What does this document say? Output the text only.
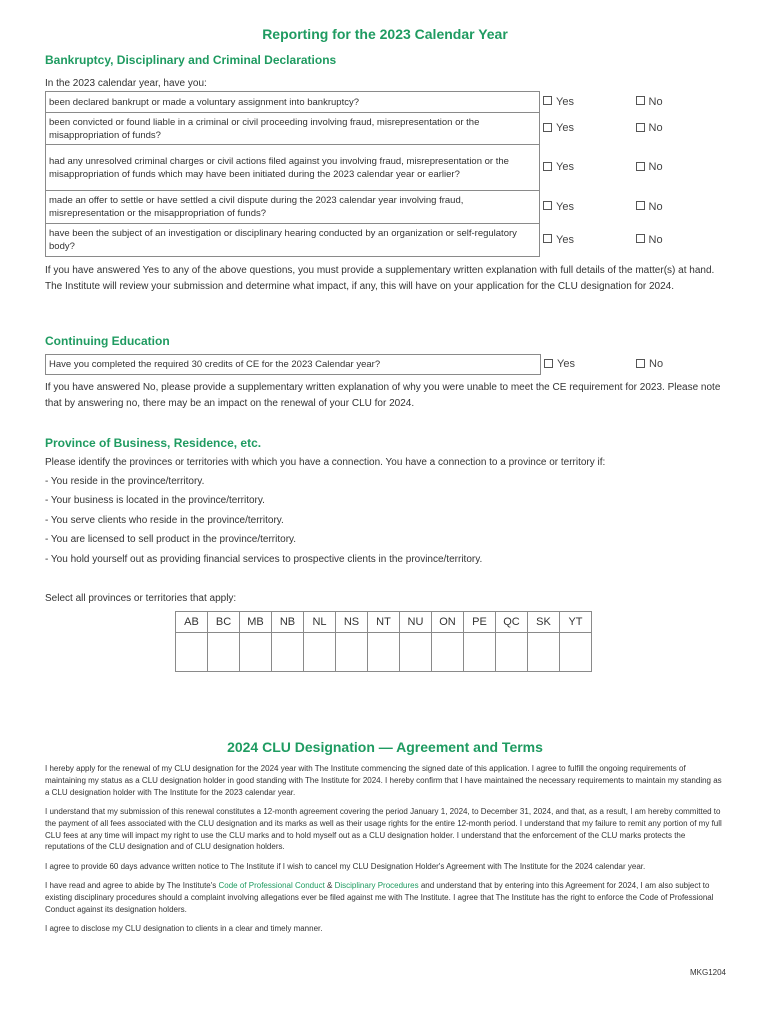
Reporting for the 2023 Calendar Year
Bankruptcy, Disciplinary and Criminal Declarations
In the 2023 calendar year, have you:
been declared bankrupt or made a voluntary assignment into bankruptcy?	Yes	No
been convicted or found liable in a criminal or civil proceeding involving fraud, misrepresentation or the misappropriation of funds?	Yes	No
had any unresolved criminal charges or civil actions filed against you involving fraud, misrepresentation or the misappropriation of funds which may have been initiated during the 2023 calendar year or earlier?	Yes	No
made an offer to settle or have settled a civil dispute during the 2023 calendar year involving fraud, misrepresentation or the misappropriation of funds?	Yes	No
have been the subject of an investigation or disciplinary hearing conducted by an organization or self-regulatory body?	Yes	No
If you have answered Yes to any of the above questions, you must provide a supplementary written explanation with full details of the matter(s) at hand. The Institute will review your submission and determine what impact, if any, this will have on your application for the CLU designation for 2024.
Continuing Education
Have you completed the required 30 credits of CE for the 2023 Calendar year?	Yes	No
If you have answered No, please provide a supplementary written explanation of why you were unable to meet the CE requirement for 2023. Please note that by answering no, there may be an impact on the renewal of your CLU for 2024.
Province of Business, Residence, etc.
Please identify the provinces or territories with which you have a connection. You have a connection to a province or territory if:
- You reside in the province/territory.
- Your business is located in the province/territory.
- You serve clients who reside in the province/territory.
- You are licensed to sell product in the province/territory.
- You hold yourself out as providing financial services to prospective clients in the province/territory.
Select all provinces or territories that apply:
AB	BC	MB	NB	NL	NS	NT	NU	ON	PE	QC	SK	YT

2024 CLU Designation — Agreement and Terms
I hereby apply for the renewal of my CLU designation for the 2024 year with The Institute commencing the signed date of this application. I agree to fulfill the ongoing requirements of maintaining my status as a CLU designation holder in good standing with The Institute for 2024. I hereby confirm that I have maintained the necessary requirements to maintain my standing as a CLU designation holder with The Institute for the 2023 calendar year.
I understand that my submission of this renewal constitutes a 12-month agreement covering the period January 1, 2024, to December 31, 2024, and that, as a result, I am hereby committed to the payment of all fees associated with the CLU designation and its marks as well as their usage rights for the entire 12-month period. I understand that my failure to remit any portion of my full CLU fees at any time will impact my right to use the CLU marks and to hold myself out as a CLU designation holder. I understand that the enforcement of the CLU marks protects the reputations of the CLU designation and of CLU designation holders.
I agree to provide 60 days advance written notice to The Institute if I wish to cancel my CLU Designation Holder's Agreement with The Institute for the 2024 calendar year.
I have read and agree to abide by The Institute's Code of Professional Conduct & Disciplinary Procedures and understand that by entering into this Agreement for 2024, I am also subject to existing disciplinary procedures should a complaint involving allegations ever be filed against me with The Institute. I agree that The Institute has the right to enforce the Code of Professional Conduct against its designation holders.
I agree to disclose my CLU designation to clients in a clear and timely manner.
MKG1204
